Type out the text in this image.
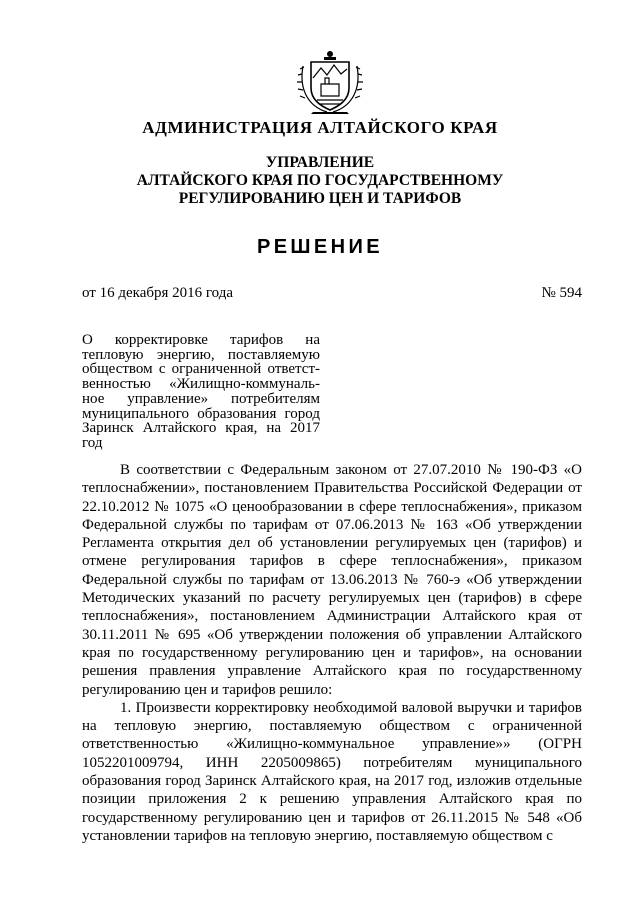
АДМИНИСТРАЦИЯ АЛТАЙСКОГО КРАЯ
УПРАВЛЕНИЕ
АЛТАЙСКОГО КРАЯ ПО ГОСУДАРСТВЕННОМУ
РЕГУЛИРОВАНИЮ ЦЕН И ТАРИФОВ
РЕШЕНИЕ
от 16 декабря 2016 года	№ 594
О корректировке тарифов на тепловую энергию, поставляемую обществом с ограниченной ответст-венностью «Жилищно-коммуналь-ное управление» потребителям муниципального образования город Заринск Алтайского края, на 2017 год

В соответствии с Федеральным законом от 27.07.2010 № 190-ФЗ «О теплоснабжении», постановлением Правительства Российской Федерации от 22.10.2012 № 1075 «О ценообразовании в сфере теплоснабжения», приказом Федеральной службы по тарифам от 07.06.2013 № 163 «Об утверждении Регламента открытия дел об установлении регулируемых цен (тарифов) и отмене регулирования тарифов в сфере теплоснабжения», приказом Федеральной службы по тарифам от 13.06.2013 № 760-э «Об утверждении Методических указаний по расчету регулируемых цен (тарифов) в сфере теплоснабжения», постановлением Администрации Алтайского края от 30.11.2011 № 695 «Об утверждении положения об управлении Алтайского края по государственному регулированию цен и тарифов», на основании решения правления управление Алтайского края по государственному регулированию цен и тарифов решило:

1. Произвести корректировку необходимой валовой выручки и тарифов на тепловую энергию, поставляемую обществом с ограниченной ответственностью «Жилищно-коммунальное управление»» (ОГРН 1052201009794, ИНН 2205009865) потребителям муниципального образования город Заринск Алтайского края, на 2017 год, изложив отдельные позиции приложения 2 к решению управления Алтайского края по государственному регулированию цен и тарифов от 26.11.2015 № 548 «Об установлении тарифов на тепловую энергию, поставляемую обществом с
